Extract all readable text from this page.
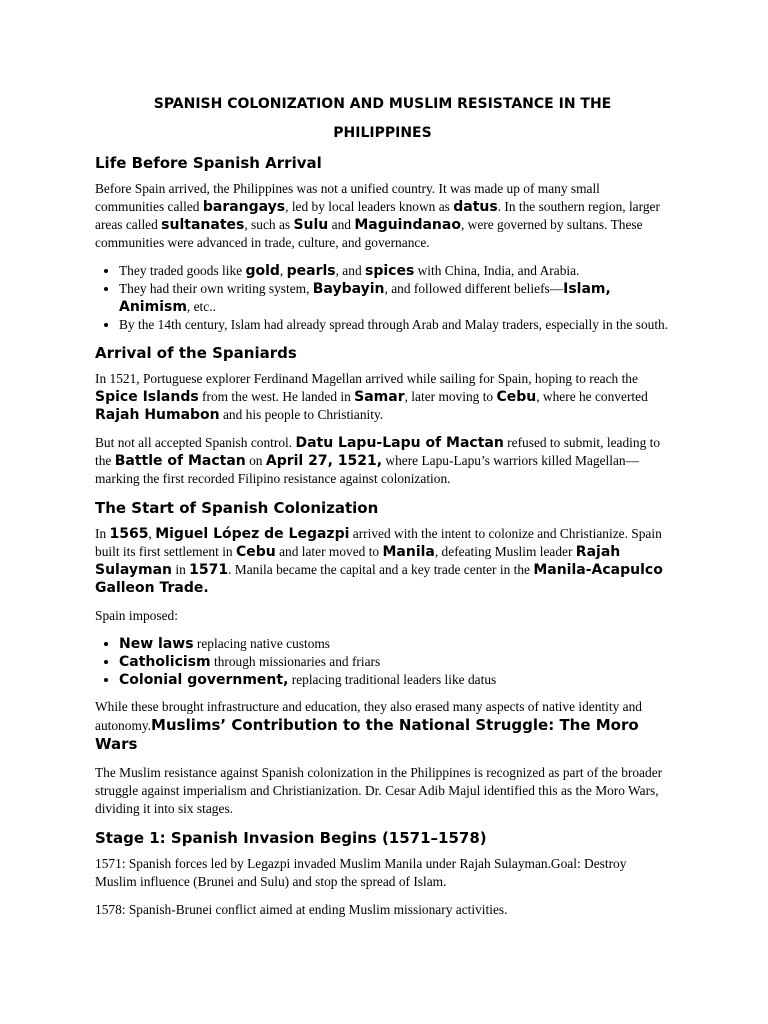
SPANISH COLONIZATION AND MUSLIM RESISTANCE IN THE PHILIPPINES
Life Before Spanish Arrival

Before Spain arrived, the Philippines was not a unified country. It was made up of many small communities called barangays, led by local leaders known as datus. In the southern region, larger areas called sultanates, such as Sulu and Maguindanao, were governed by sultans. These communities were advanced in trade, culture, and governance.

• They traded goods like gold, pearls, and spices with China, India, and Arabia.
• They had their own writing system, Baybayin, and followed different beliefs—Islam, Animism, etc..
• By the 14th century, Islam had already spread through Arab and Malay traders, especially in the south.
Arrival of the Spaniards

In 1521, Portuguese explorer Ferdinand Magellan arrived while sailing for Spain, hoping to reach the Spice Islands from the west. He landed in Samar, later moving to Cebu, where he converted Rajah Humabon and his people to Christianity.

But not all accepted Spanish control. Datu Lapu-Lapu of Mactan refused to submit, leading to the Battle of Mactan on April 27, 1521, where Lapu-Lapu’s warriors killed Magellan—marking the first recorded Filipino resistance against colonization.

The Start of Spanish Colonization

In 1565, Miguel López de Legazpi arrived with the intent to colonize and Christianize. Spain built its first settlement in Cebu and later moved to Manila, defeating Muslim leader Rajah Sulayman in 1571. Manila became the capital and a key trade center in the Manila-Acapulco Galleon Trade.

Spain imposed:

• New laws replacing native customs
• Catholicism through missionaries and friars
• Colonial government, replacing traditional leaders like datus

While these brought infrastructure and education, they also erased many aspects of native identity and autonomy.Muslims’ Contribution to the National Struggle: The Moro Wars

The Muslim resistance against Spanish colonization in the Philippines is recognized as part of the broader struggle against imperialism and Christianization. Dr. Cesar Adib Majul identified this as the Moro Wars, dividing it into six stages.

Stage 1: Spanish Invasion Begins (1571–1578)

1571: Spanish forces led by Legazpi invaded Muslim Manila under Rajah Sulayman.Goal: Destroy Muslim influence (Brunei and Sulu) and stop the spread of Islam.

1578: Spanish-Brunei conflict aimed at ending Muslim missionary activities.
